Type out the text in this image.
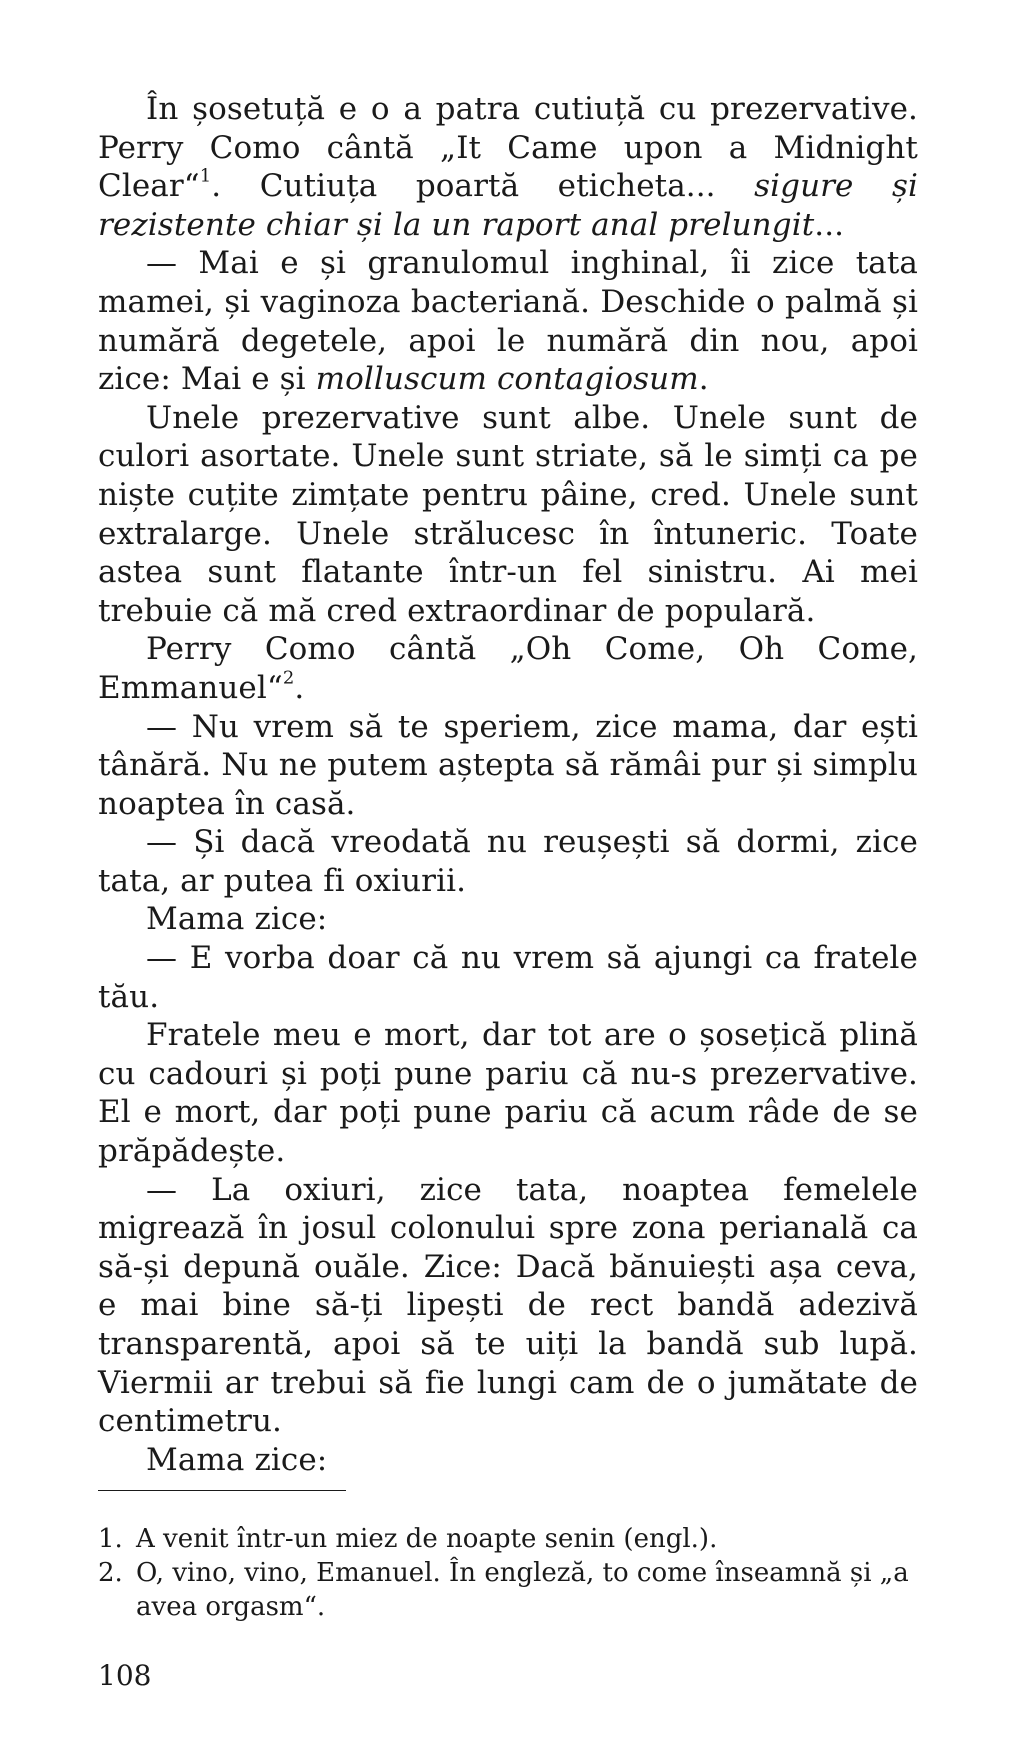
În șosetuță e o a patra cutiuță cu prezervative. Perry Como cântă „It Came upon a Midnight Clear“$^1$. Cutiuța poartă eticheta... sigure și rezistente chiar și la un raport anal prelungit...

— Mai e și granulomul inghinal, îi zice tata mamei, și vaginoza bacteriană. Deschide o palmă și numără degetele, apoi le numără din nou, apoi zice: Mai e și molluscum contagiosum.

Unele prezervative sunt albe. Unele sunt de culori asortate. Unele sunt striate, să le simți ca pe niște cuțite zimțate pentru pâine, cred. Unele sunt extralarge. Unele strălucesc în întuneric. Toate astea sunt flatante într-un fel sinistru. Ai mei trebuie că mă cred extraordinar de populară.

Perry Como cântă „Oh Come, Oh Come, Emmanuel“$^2$.

— Nu vrem să te speriem, zice mama, dar ești tânără. Nu ne putem aștepta să rămâi pur și simplu noaptea în casă.

— Și dacă vreodată nu reușești să dormi, zice tata, ar putea fi oxiurii.

Mama zice:

— E vorba doar că nu vrem să ajungi ca fratele tău.

Fratele meu e mort, dar tot are o șosețică plină cu cadouri și poți pune pariu că nu-s prezervative. El e mort, dar poți pune pariu că acum râde de se prăpădește.

— La oxiuri, zice tata, noaptea femelele migrează în josul colonului spre zona perianală ca să-și depună ouăle. Zice: Dacă bănuiești așa ceva, e mai bine să-ți lipești de rect bandă adezivă transparentă, apoi să te uiți la bandă sub lupă. Viermii ar trebui să fie lungi cam de o jumătate de centimetru.

Mama zice:

1. A venit într-un miez de noapte senin (engl.).
2. O, vino, vino, Emanuel. În engleză, to come înseamnă și „a avea orgasm“.
108
